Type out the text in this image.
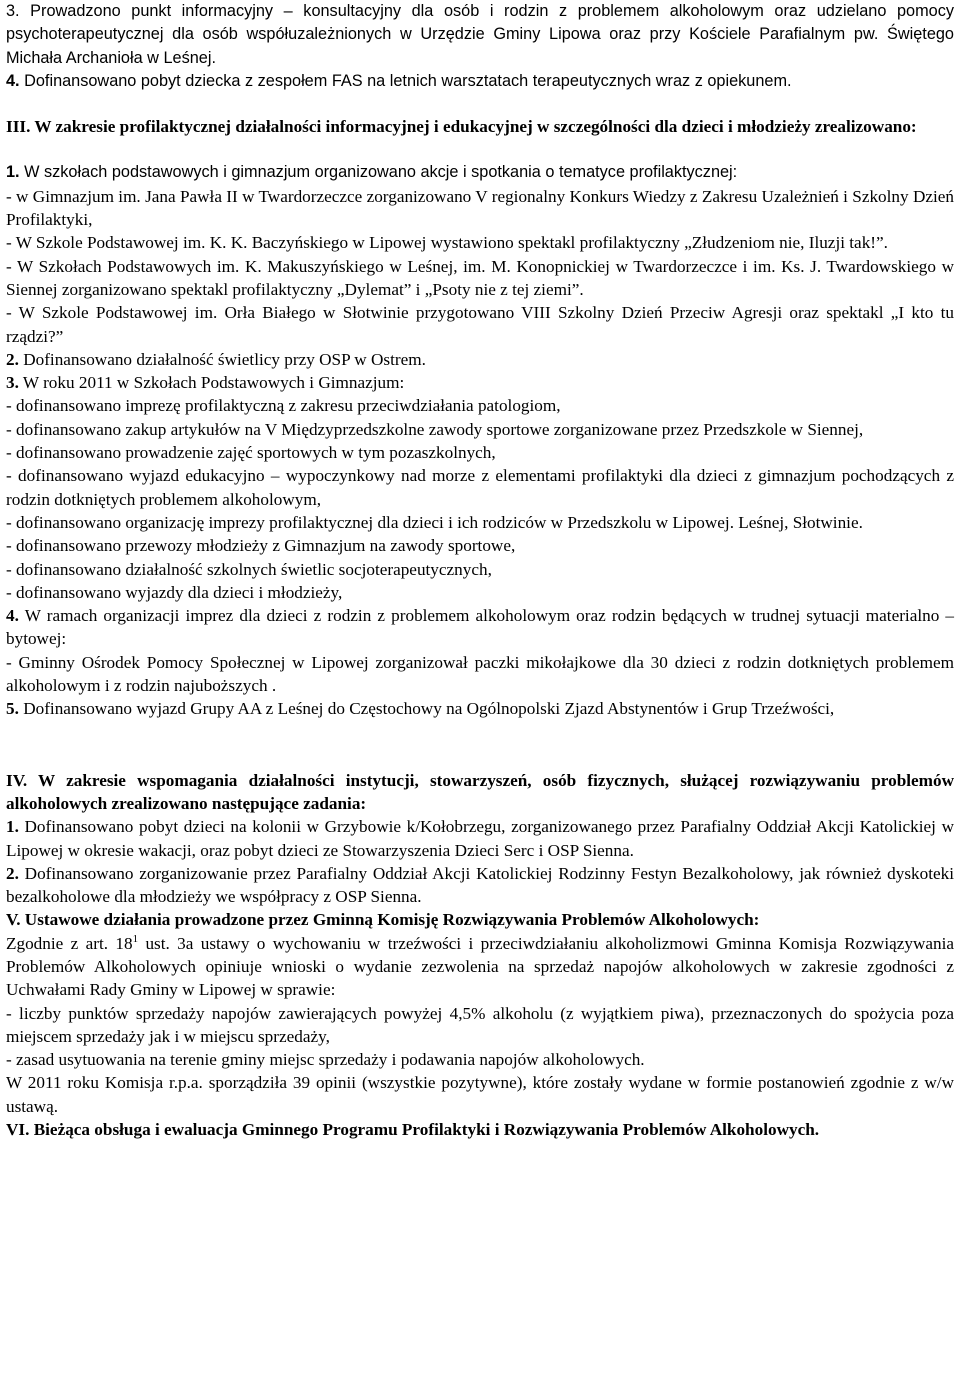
3. Prowadzono punkt informacyjny – konsultacyjny dla osób i rodzin z problemem alkoholowym oraz udzielano pomocy psychoterapeutycznej dla osób współuzależnionych w Urzędzie Gminy Lipowa oraz przy Kościele Parafialnym pw. Świętego Michała Archanioła w Leśnej.

4. Dofinansowano pobyt dziecka z zespołem FAS na letnich warsztatach terapeutycznych wraz z opiekunem.

III. W zakresie profilaktycznej działalności informacyjnej i edukacyjnej w szczególności dla dzieci i młodzieży zrealizowano:

1. W szkołach podstawowych i gimnazjum organizowano akcje i spotkania o tematyce profilaktycznej:

- w Gimnazjum im. Jana Pawła II w Twardorzeczce zorganizowano V regionalny Konkurs Wiedzy z Zakresu Uzależnień i Szkolny Dzień Profilaktyki,

- W Szkole Podstawowej im. K. K. Baczyńskiego w Lipowej wystawiono spektakl profilaktyczny „Złudzeniom nie, Iluzji tak!”.

- W Szkołach Podstawowych im. K. Makuszyńskiego w Leśnej, im. M. Konopnickiej w Twardorzeczce i im. Ks. J. Twardowskiego w Siennej zorganizowano spektakl profilaktyczny „Dylemat” i „Psoty nie z tej ziemi”.

- W Szkole Podstawowej im. Orła Białego w Słotwinie przygotowano VIII Szkolny Dzień Przeciw Agresji oraz spektakl „I kto tu rządzi?”

2. Dofinansowano działalność świetlicy przy OSP w Ostrem.

3. W roku 2011 w Szkołach Podstawowych i Gimnazjum:

- dofinansowano imprezę profilaktyczną z zakresu przeciwdziałania patologiom,

- dofinansowano zakup artykułów na V Międzyprzedszkolne zawody sportowe zorganizowane przez Przedszkole w Siennej,

- dofinansowano prowadzenie zajęć sportowych w tym pozaszkolnych,

- dofinansowano wyjazd edukacyjno – wypoczynkowy nad morze z elementami profilaktyki dla dzieci z gimnazjum pochodzących z rodzin dotkniętych problemem alkoholowym,

- dofinansowano organizację imprezy profilaktycznej dla dzieci i ich rodziców w Przedszkolu w Lipowej. Leśnej, Słotwinie.

- dofinansowano przewozy młodzieży z Gimnazjum na zawody sportowe,

- dofinansowano działalność szkolnych świetlic socjoterapeutycznych,

- dofinansowano wyjazdy dla dzieci i młodzieży,

4. W ramach organizacji imprez dla dzieci z rodzin z problemem alkoholowym oraz rodzin będących w trudnej sytuacji materialno – bytowej:

- Gminny Ośrodek Pomocy Społecznej w Lipowej zorganizował paczki mikołajkowe dla 30 dzieci z rodzin dotkniętych problemem alkoholowym i z rodzin najuboższych .

5. Dofinansowano wyjazd Grupy AA z Leśnej do Częstochowy na Ogólnopolski Zjazd Abstynentów i Grup Trzeźwości,

IV. W zakresie wspomagania działalności instytucji, stowarzyszeń, osób fizycznych, służącej rozwiązywaniu problemów alkoholowych zrealizowano następujące zadania:

1. Dofinansowano pobyt dzieci na kolonii w Grzybowie k/Kołobrzegu, zorganizowanego przez Parafialny Oddział Akcji Katolickiej w Lipowej w okresie wakacji, oraz pobyt dzieci ze Stowarzyszenia Dzieci Serc i OSP Sienna.

2. Dofinansowano zorganizowanie przez Parafialny Oddział Akcji Katolickiej Rodzinny Festyn Bezalkoholowy, jak również dyskoteki bezalkoholowe dla młodzieży we współpracy z OSP Sienna.

V. Ustawowe działania prowadzone przez Gminną Komisję Rozwiązywania Problemów Alkoholowych:

Zgodnie z art. $18^1$ ust. 3a ustawy o wychowaniu w trzeźwości i przeciwdziałaniu alkoholizmowi Gminna Komisja Rozwiązywania Problemów Alkoholowych opiniuje wnioski o wydanie zezwolenia na sprzedaż napojów alkoholowych w zakresie zgodności z Uchwałami Rady Gminy w Lipowej w sprawie:

- liczby punktów sprzedaży napojów zawierających powyżej 4,5% alkoholu (z wyjątkiem piwa), przeznaczonych do spożycia poza miejscem sprzedaży jak i w miejscu sprzedaży,

- zasad usytuowania na terenie gminy miejsc sprzedaży i podawania napojów alkoholowych.

W 2011 roku Komisja r.p.a. sporządziła 39 opinii (wszystkie pozytywne), które zostały wydane w formie postanowień zgodnie z w/w ustawą.

VI. Bieżąca obsługa i ewaluacja Gminnego Programu Profilaktyki i Rozwiązywania Problemów Alkoholowych.
